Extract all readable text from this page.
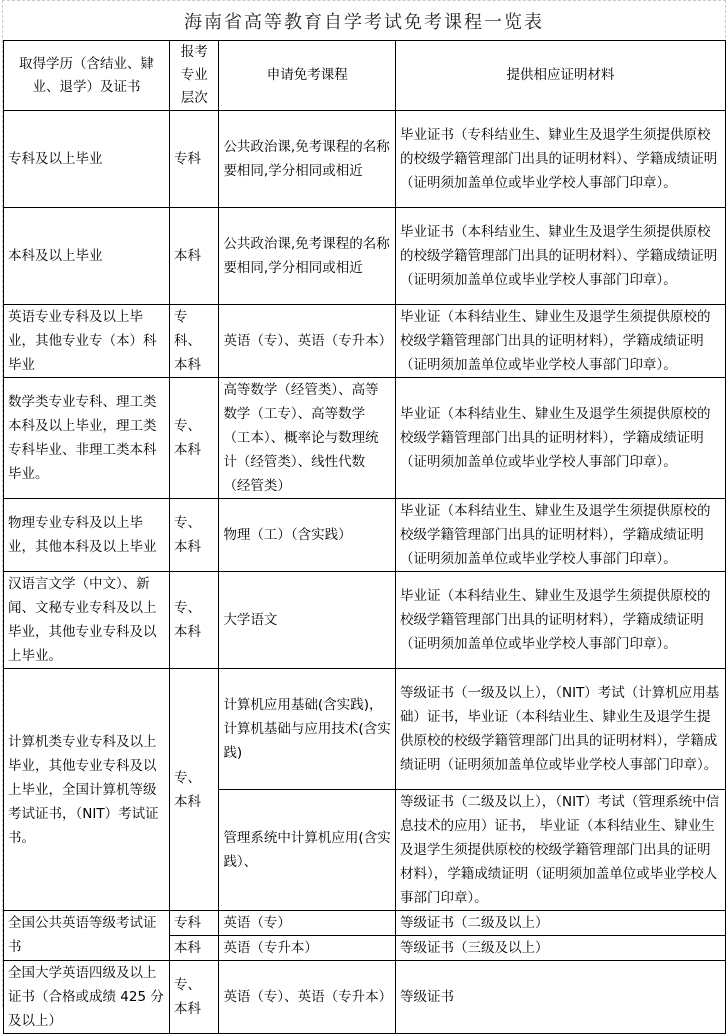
海南省高等教育自学考试免考课程一览表
取得学历（含结业、肄业、退学）及证书	报考专业层次	申请免考课程	提供相应证明材料
专科及以上毕业	专科	公共政治课,免考课程的名称要相同,学分相同或相近	毕业证书（专科结业生、肄业生及退学生须提供原校的校级学籍管理部门出具的证明材料）、学籍成绩证明（证明须加盖单位或毕业学校人事部门印章）。
本科及以上毕业	本科	公共政治课,免考课程的名称要相同,学分相同或相近	毕业证书（本科结业生、肄业生及退学生须提供原校的校级学籍管理部门出具的证明材料）、学籍成绩证明（证明须加盖单位或毕业学校人事部门印章）。
英语专业专科及以上毕业，其他专业专（本）科毕业	专科、本科	英语（专）、英语（专升本）	毕业证（本科结业生、肄业生及退学生须提供原校的校级学籍管理部门出具的证明材料），学籍成绩证明（证明须加盖单位或毕业学校人事部门印章）。
数学类专业专科、理工类本科及以上毕业，理工类专科毕业、非理工类本科毕业。	专、本科	高等数学（经管类）、高等数学（工专）、高等数学（工本）、概率论与数理统计（经管类）、线性代数（经管类）	毕业证（本科结业生、肄业生及退学生须提供原校的校级学籍管理部门出具的证明材料），学籍成绩证明（证明须加盖单位或毕业学校人事部门印章）。
物理专业专科及以上毕业，其他本科及以上毕业	专、本科	物理（工）（含实践）	毕业证（本科结业生、肄业生及退学生须提供原校的校级学籍管理部门出具的证明材料），学籍成绩证明（证明须加盖单位或毕业学校人事部门印章）。
汉语言文学（中文）、新闻、文秘专业专科及以上毕业，其他专业专科及以上毕业。	专、本科	大学语文	毕业证（本科结业生、肄业生及退学生须提供原校的校级学籍管理部门出具的证明材料），学籍成绩证明（证明须加盖单位或毕业学校人事部门印章）。
计算机类专业专科及以上毕业，其他专业专科及以上毕业，全国计算机等级考试证书，（NIT）考试证书。	专、本科	计算机应用基础(含实践)，计算机基础与应用技术(含实践)	等级证书（一级及以上），（NIT）考试（计算机应用基础）证书，毕业证（本科结业生、肄业生及退学生提供原校的校级学籍管理部门出具的证明材料），学籍成绩证明（证明须加盖单位或毕业学校人事部门印章）。
		管理系统中计算机应用(含实践）、	等级证书（二级及以上），（NIT）考试（管理系统中信息技术的应用）证书， 毕业证（本科结业生、肄业生及退学生须提供原校的校级学籍管理部门出具的证明材料），学籍成绩证明（证明须加盖单位或毕业学校人事部门印章）。
全国公共英语等级考试证书	专科	英语（专）	等级证书（二级及以上）
	本科	英语（专升本）	等级证书（三级及以上）
全国大学英语四级及以上证书（合格或成绩 425 分及以上）	专、本科	英语（专）、英语（专升本）	等级证书
